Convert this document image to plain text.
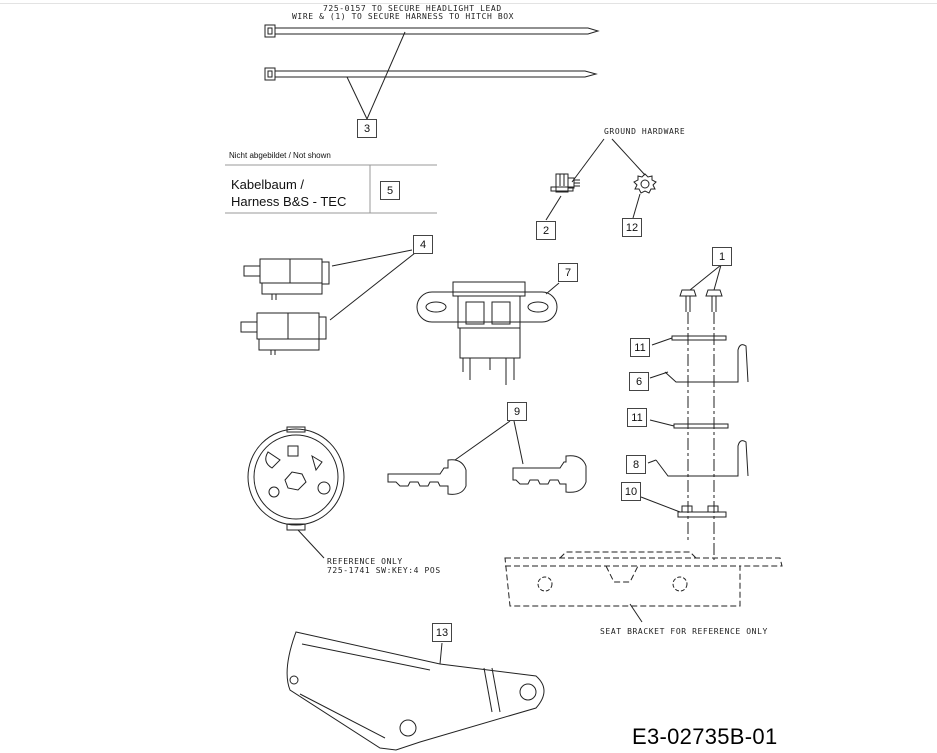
725-0157 TO SECURE HEADLIGHT LEAD
WIRE & (1) TO SECURE HARNESS TO HITCH BOX
GROUND HARDWARE
REFERENCE ONLY
725-1741 SW:KEY:4 POS
SEAT BRACKET FOR REFERENCE ONLY
Nicht abgebildet / Not shown
Kabelbaum /
Harness B&S - TEC
5
3
2	12
4
1
7
11
6
9	11
8
10
13
E3-02735B-01
